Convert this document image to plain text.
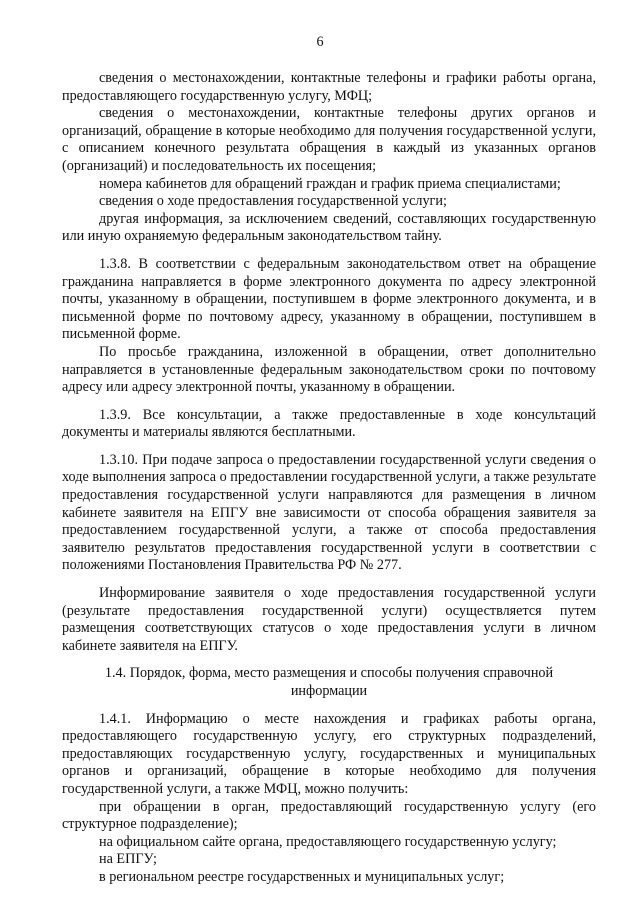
6

сведения о местонахождении, контактные телефоны и графики работы органа, предоставляющего государственную услугу, МФЦ;

сведения о местонахождении, контактные телефоны других органов и организаций, обращение в которые необходимо для получения государственной услуги, с описанием конечного результата обращения в каждый из указанных органов (организаций) и последовательность их посещения;

номера кабинетов для обращений граждан и график приема специалистами;

сведения о ходе предоставления государственной услуги;

другая информация, за исключением сведений, составляющих государственную или иную охраняемую федеральным законодательством тайну.

1.3.8. В соответствии с федеральным законодательством ответ на обращение гражданина направляется в форме электронного документа по адресу электронной почты, указанному в обращении, поступившем в форме электронного документа, и в письменной форме по почтовому адресу, указанному в обращении, поступившем в письменной форме.

По просьбе гражданина, изложенной в обращении, ответ дополнительно направляется в установленные федеральным законодательством сроки по почтовому адресу или адресу электронной почты, указанному в обращении.

1.3.9. Все консультации, а также предоставленные в ходе консультаций документы и материалы являются бесплатными.

1.3.10. При подаче запроса о предоставлении государственной услуги сведения о ходе выполнения запроса о предоставлении государственной услуги, а также результате предоставления государственной услуги направляются для размещения в личном кабинете заявителя на ЕПГУ вне зависимости от способа обращения заявителя за предоставлением государственной услуги, а также от способа предоставления заявителю результатов предоставления государственной услуги в соответствии с положениями Постановления Правительства РФ № 277.

Информирование заявителя о ходе предоставления государственной услуги (результате предоставления государственной услуги) осуществляется путем размещения соответствующих статусов о ходе предоставления услуги в личном кабинете заявителя на ЕПГУ.

1.4. Порядок, форма, место размещения и способы получения справочной
информации

1.4.1. Информацию о месте нахождения и графиках работы органа, предоставляющего государственную услугу, его структурных подразделений, предоставляющих государственную услугу, государственных и муниципальных органов и организаций, обращение в которые необходимо для получения государственной услуги, а также МФЦ, можно получить:

при обращении в орган, предоставляющий государственную услугу (его структурное подразделение);

на официальном сайте органа, предоставляющего государственную услугу;

на ЕПГУ;

в региональном реестре государственных и муниципальных услуг;
